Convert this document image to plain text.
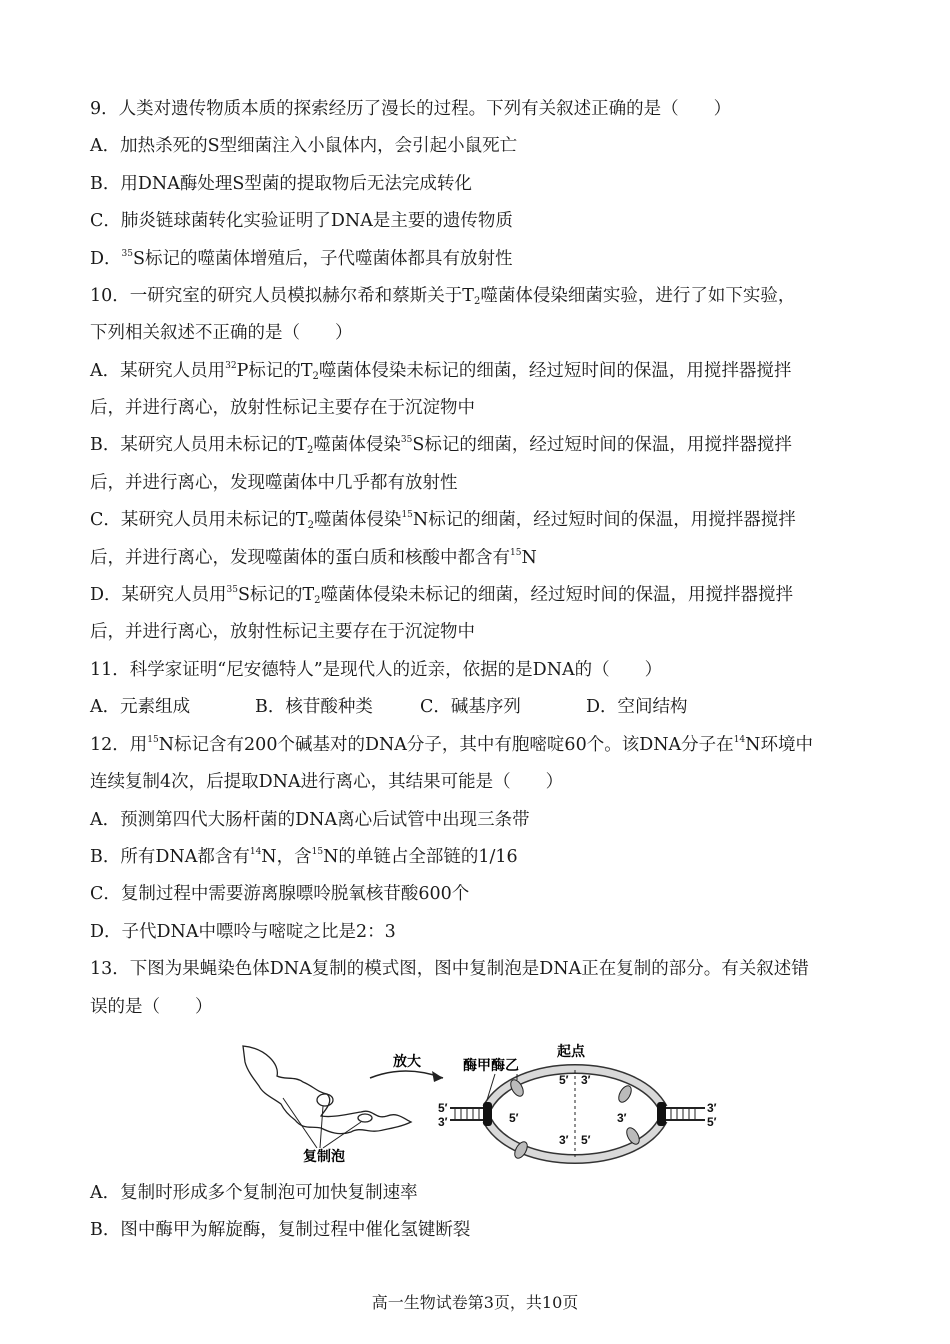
9．人类对遗传物质本质的探索经历了漫长的过程。下列有关叙述正确的是（　　）
A．加热杀死的S型细菌注入小鼠体内，会引起小鼠死亡
B．用DNA酶处理S型菌的提取物后无法完成转化
C．肺炎链球菌转化实验证明了DNA是主要的遗传物质
D．$^{35}$S标记的噬菌体增殖后，子代噬菌体都具有放射性
10．一研究室的研究人员模拟赫尔希和蔡斯关于$T_2$噬菌体侵染细菌实验，进行了如下实验，
下列相关叙述不正确的是（　　）
A．某研究人员用$^{32}$P标记的$T_2$噬菌体侵染未标记的细菌，经过短时间的保温，用搅拌器搅拌
后，并进行离心，放射性标记主要存在于沉淀物中
B．某研究人员用未标记的$T_2$噬菌体侵染$^{35}$S标记的细菌，经过短时间的保温，用搅拌器搅拌
后，并进行离心，发现噬菌体中几乎都有放射性
C．某研究人员用未标记的$T_2$噬菌体侵染$^{15}$N标记的细菌，经过短时间的保温，用搅拌器搅拌
后，并进行离心，发现噬菌体的蛋白质和核酸中都含有$^{15}$N
D．某研究人员用$^{35}$S标记的$T_2$噬菌体侵染未标记的细菌，经过短时间的保温，用搅拌器搅拌
后，并进行离心，放射性标记主要存在于沉淀物中
11．科学家证明“尼安德特人”是现代人的近亲，依据的是DNA的（　　）
A．元素组成	B．核苷酸种类	C．碱基序列	D．空间结构
12．用$^{15}$N标记含有200个碱基对的DNA分子，其中有胞嘧啶60个。该DNA分子在$^{14}$N环境中
连续复制4次，后提取DNA进行离心，其结果可能是（　　）
A．预测第四代大肠杆菌的DNA离心后试管中出现三条带
B．所有DNA都含有$^{14}$N，含$^{15}$N的单链占全部链的1/16
C．复制过程中需要游离腺嘌呤脱氧核苷酸600个
D．子代DNA中嘌呤与嘧啶之比是2：3
13．下图为果蝇染色体DNA复制的模式图，图中复制泡是DNA正在复制的部分。有关叙述错
误的是（　　）
复制泡
放大
起点
酶甲酶乙
5′
3′
3′
5′
5′ 3′
3′ 5′
5′	3′
A．复制时形成多个复制泡可加快复制速率
B．图中酶甲为解旋酶，复制过程中催化氢键断裂
高一生物试卷第3页，共10页
